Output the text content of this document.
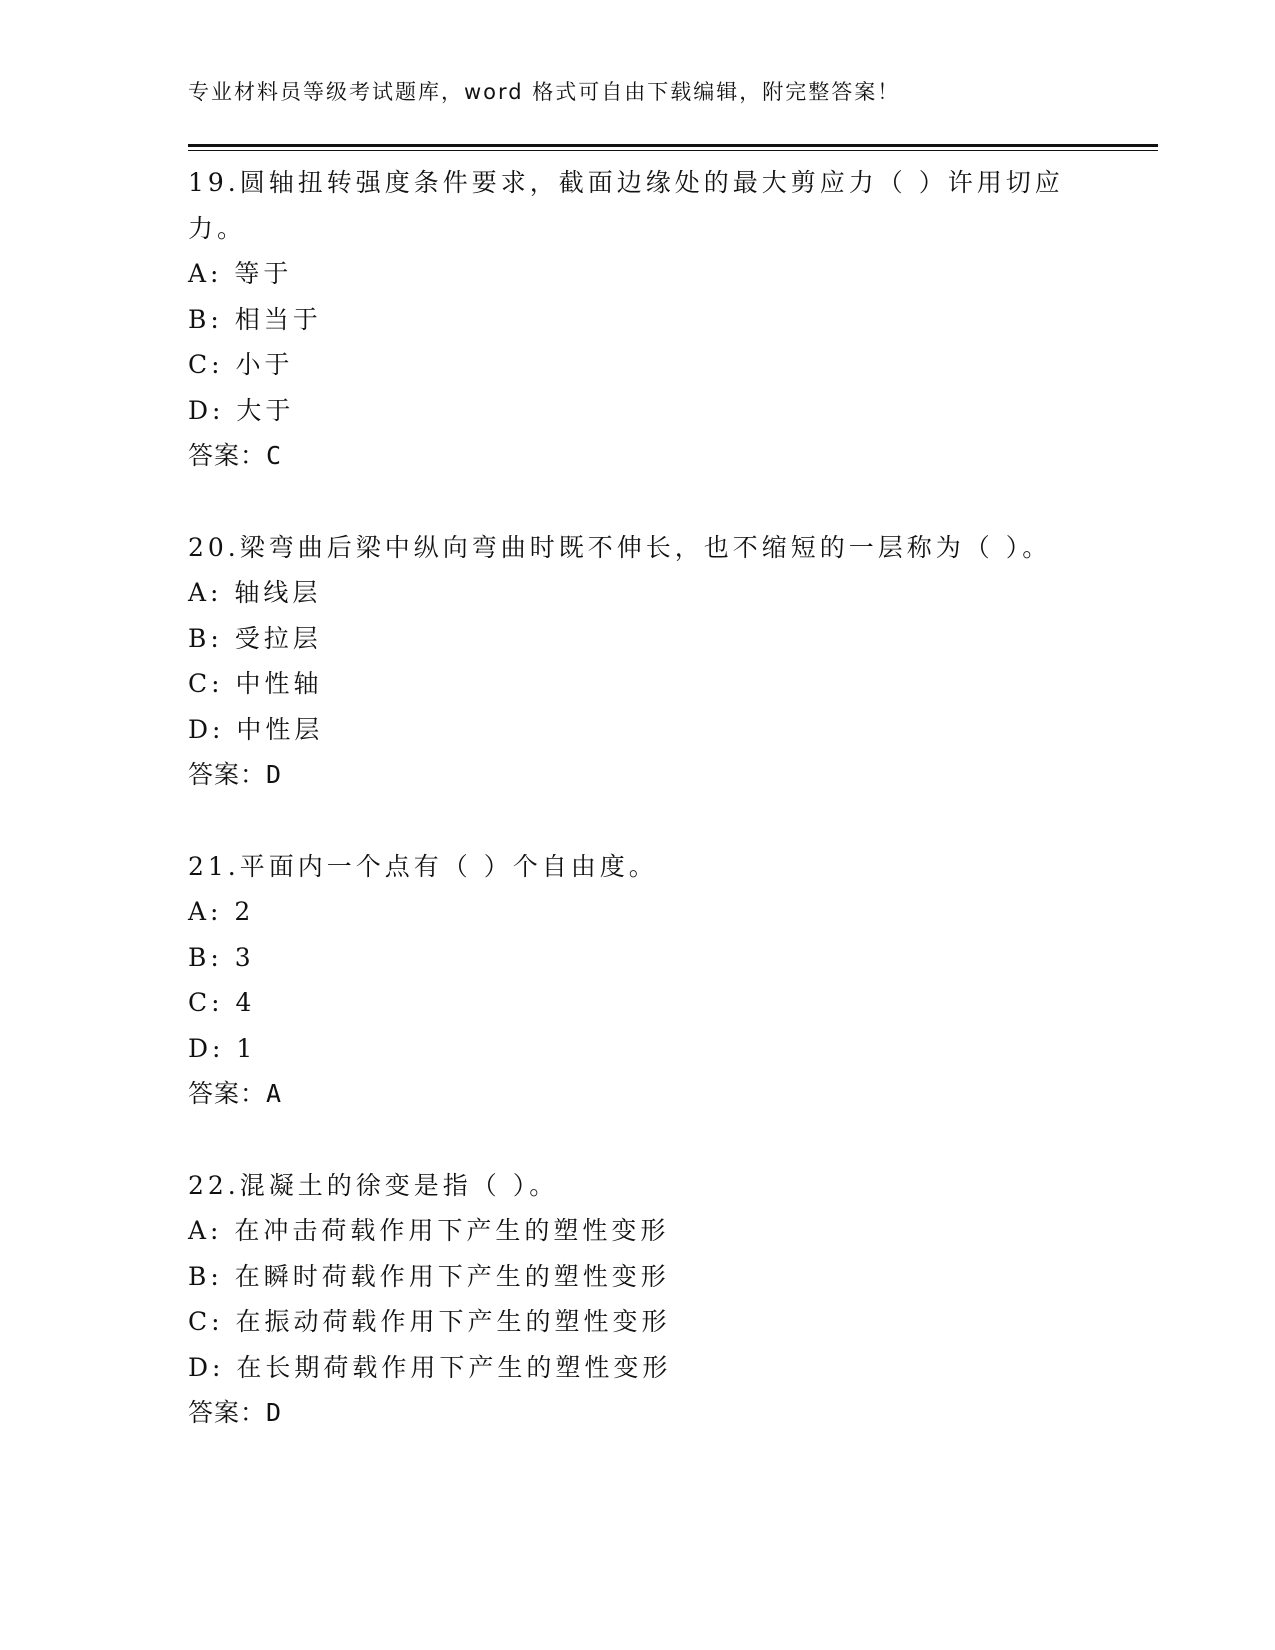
专业材料员等级考试题库，word 格式可自由下载编辑，附完整答案！
19.圆轴扭转强度条件要求，截面边缘处的最大剪应力（ ）许用切应力。
A: 等于
B: 相当于
C: 小于
D: 大于
答案：C
20.梁弯曲后梁中纵向弯曲时既不伸长，也不缩短的一层称为（ ）。
A: 轴线层
B: 受拉层
C: 中性轴
D: 中性层
答案：D
21.平面内一个点有（ ）个自由度。
A: 2
B: 3
C: 4
D: 1
答案：A
22.混凝土的徐变是指（ ）。
A: 在冲击荷载作用下产生的塑性变形
B: 在瞬时荷载作用下产生的塑性变形
C: 在振动荷载作用下产生的塑性变形
D: 在长期荷载作用下产生的塑性变形
答案：D
